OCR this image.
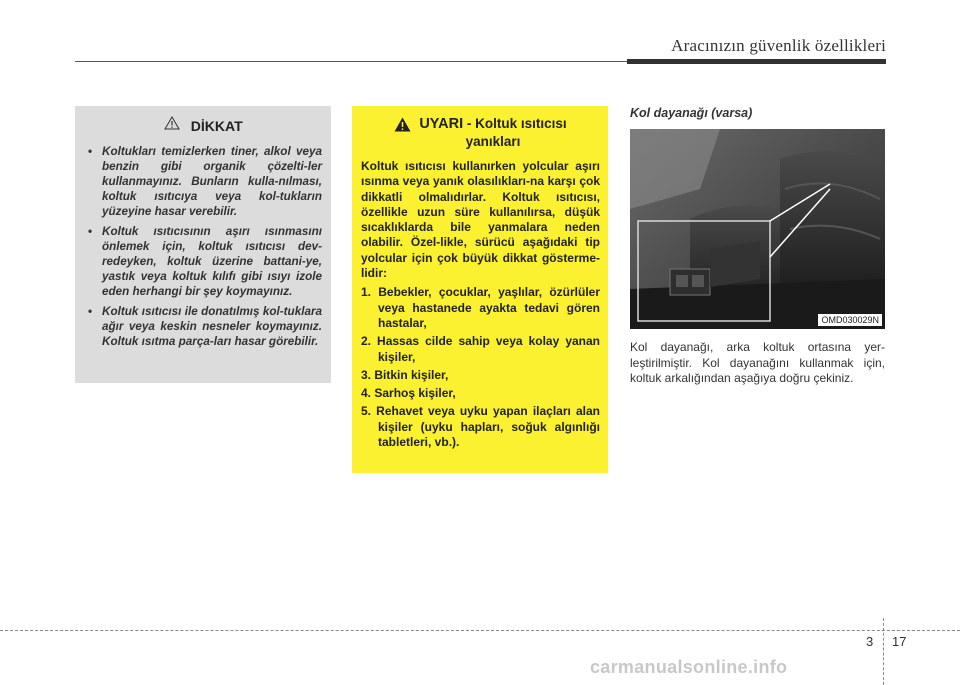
Aracınızın güvenlik özellikleri
DİKKAT
• Koltukları temizlerken tiner, alkol veya benzin gibi organik çözelti-ler kullanmayınız. Bunların kulla-nılması, koltuk ısıtıcıya veya kol-tukların yüzeyine hasar verebilir.
• Koltuk ısıtıcısının aşırı ısınmasını önlemek için, koltuk ısıtıcısı dev-redeyken, koltuk üzerine battani-ye, yastık veya koltuk kılıfı gibi ısıyı izole eden herhangi bir şey koymayınız.
• Koltuk ısıtıcısı ile donatılmış kol-tuklara ağır veya keskin nesneler koymayınız. Koltuk ısıtma parça-ları hasar görebilir.
UYARI - Koltuk ısıtıcısı
yanıkları
Koltuk ısıtıcısı kullanırken yolcular aşırı ısınma veya yanık olasılıkları-na karşı çok dikkatli olmalıdırlar. Koltuk ısıtıcısı, özellikle uzun süre kullanılırsa, düşük sıcaklıklarda bile yanmalara neden olabilir. Özel-likle, sürücü aşağıdaki tip yolcular için çok büyük dikkat gösterme-lidir:
1. Bebekler, çocuklar, yaşlılar, özürlüler veya hastanede ayakta tedavi gören hastalar,
2. Hassas cilde sahip veya kolay yanan kişiler,
3. Bitkin kişiler,
4. Sarhoş kişiler,
5. Rehavet veya uyku yapan ilaçları alan kişiler (uyku hapları, soğuk algınlığı tabletleri, vb.).
Kol dayanağı (varsa)
OMD030029N
Kol dayanağı, arka koltuk ortasına yer-leştirilmiştir. Kol dayanağını kullanmak için, koltuk arkalığından aşağıya doğru çekiniz.
3 17
carmanualsonline.info
